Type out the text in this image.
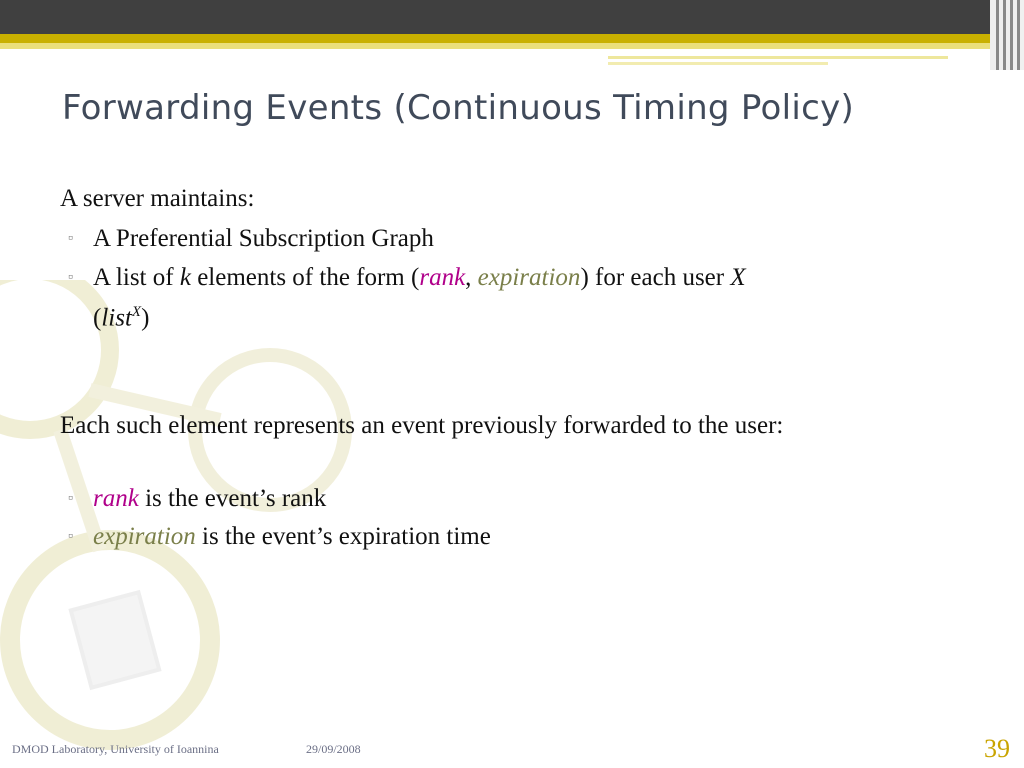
Forwarding Events (Continuous Timing Policy)
A server maintains:
▫ A Preferential Subscription Graph
▫ A list of k elements of the form (rank, expiration) for each user X
(list$^X$)
Each such element represents an event previously forwarded to the user:
▫ rank is the event’s rank
▫ expiration is the event’s expiration time
DMOD Laboratory, University of Ioannina	29/09/2008	39
